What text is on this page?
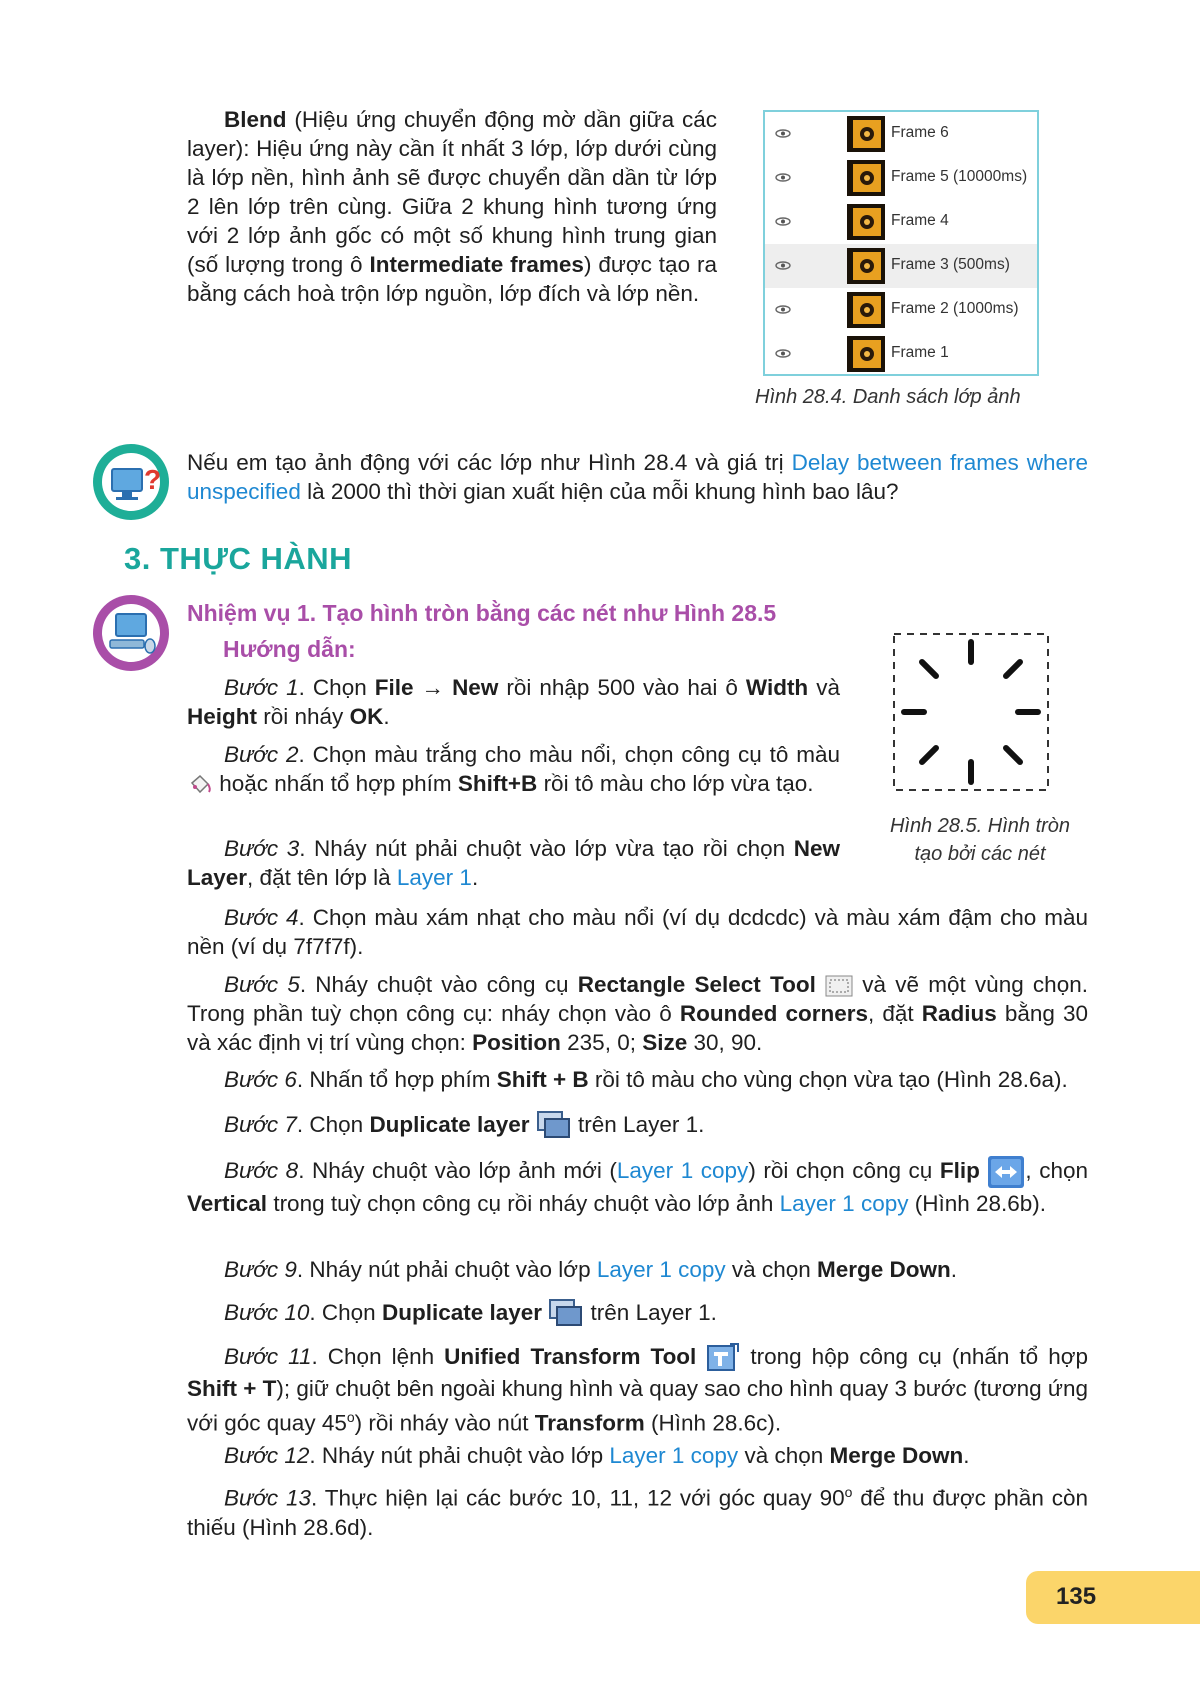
Blend (Hiệu ứng chuyển động mờ dần giữa các layer): Hiệu ứng này cần ít nhất 3 lớp, lớp dưới cùng là lớp nền, hình ảnh sẽ được chuyển dần dần từ lớp 2 lên lớp trên cùng. Giữa 2 khung hình tương ứng với 2 lớp ảnh gốc có một số khung hình trung gian (số lượng trong ô Intermediate frames) được tạo ra bằng cách hoà trộn lớp nguồn, lớp đích và lớp nền.

Frame 6
Frame 5 (10000ms)
Frame 4
Frame 3 (500ms)
Frame 2 (1000ms)
Frame 1
Hình 28.4. Danh sách lớp ảnh
?

Nếu em tạo ảnh động với các lớp như Hình 28.4 và giá trị Delay between frames where unspecified là 2000 thì thời gian xuất hiện của mỗi khung hình bao lâu?

3. THỰC HÀNH
Nhiệm vụ 1. Tạo hình tròn bằng các nét như Hình 28.5
Hướng dẫn:
Hình 28.5. Hình tròn
tạo bởi các nét

Bước 1. Chọn File → New rồi nhập 500 vào hai ô Width và Height rồi nháy OK.

Bước 2. Chọn màu trắng cho màu nổi, chọn công cụ tô màu  hoặc nhấn tổ hợp phím Shift+B rồi tô màu cho lớp vừa tạo.

Bước 3. Nháy nút phải chuột vào lớp vừa tạo rồi chọn New Layer, đặt tên lớp là Layer 1.

Bước 4. Chọn màu xám nhạt cho màu nổi (ví dụ dcdcdc) và màu xám đậm cho màu nền (ví dụ 7f7f7f).

Bước 5. Nháy chuột vào công cụ Rectangle Select Tool  và vẽ một vùng chọn. Trong phần tuỳ chọn công cụ: nháy chọn vào ô Rounded corners, đặt Radius bằng 30 và xác định vị trí vùng chọn: Position 235, 0; Size 30, 90.

Bước 6. Nhấn tổ hợp phím Shift + B rồi tô màu cho vùng chọn vừa tạo (Hình 28.6a).

Bước 7. Chọn Duplicate layer  trên Layer 1.

Bước 8. Nháy chuột vào lớp ảnh mới (Layer 1 copy) rồi chọn công cụ Flip , chọn Vertical trong tuỳ chọn công cụ rồi nháy chuột vào lớp ảnh Layer 1 copy (Hình 28.6b).

Bước 9. Nháy nút phải chuột vào lớp Layer 1 copy và chọn Merge Down.

Bước 10. Chọn Duplicate layer  trên Layer 1.

Bước 11. Chọn lệnh Unified Transform Tool  trong hộp công cụ (nhấn tổ hợp Shift + T); giữ chuột bên ngoài khung hình và quay sao cho hình quay 3 bước (tương ứng với góc quay 45$^o$) rồi nháy vào nút Transform (Hình 28.6c).

Bước 12. Nháy nút phải chuột vào lớp Layer 1 copy và chọn Merge Down.

Bước 13. Thực hiện lại các bước 10, 11, 12 với góc quay 90$^o$ để thu được phần còn thiếu (Hình 28.6d).

135
